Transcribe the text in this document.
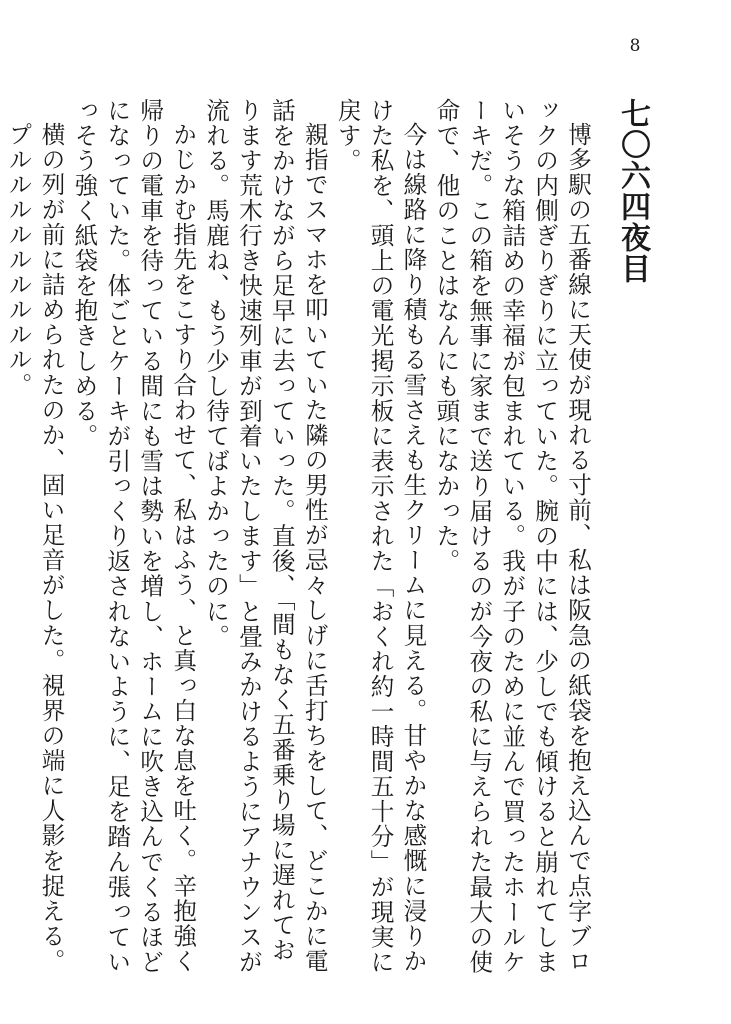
8
七〇六四夜目

博多駅の五番線に天使が現れる寸前、私は阪急の紙袋を抱え込んで点字ブロックの内側ぎりぎりに立っていた。腕の中には、少しでも傾けると崩れてしまいそうな箱詰めの幸福が包まれている。我が子のために並んで買ったホールケーキだ。この箱を無事に家まで送り届けるのが今夜の私に与えられた最大の使命で、他のことはなんにも頭になかった。

今は線路に降り積もる雪さえも生クリームに見える。甘やかな感慨に浸りかけた私を、頭上の電光掲示板に表示された「おくれ約一時間五十分」が現実に戻す。

親指でスマホを叩いていた隣の男性が忌々しげに舌打ちをして、どこかに電話をかけながら足早に去っていった。直後、「間もなく五番乗り場に遅れております荒木行き快速列車が到着いたします」と畳みかけるようにアナウンスが流れる。馬鹿ね、もう少し待てばよかったのに。

かじかむ指先をこすり合わせて、私はふう、と真っ白な息を吐く。辛抱強く帰りの電車を待っている間にも雪は勢いを増し、ホームに吹き込んでくるほどになっていた。体ごとケーキが引っくり返されないように、足を踏ん張っていっそう強く紙袋を抱きしめる。

横の列が前に詰められたのか、固い足音がした。視界の端に人影を捉える。

プルルルルルルルルル。
